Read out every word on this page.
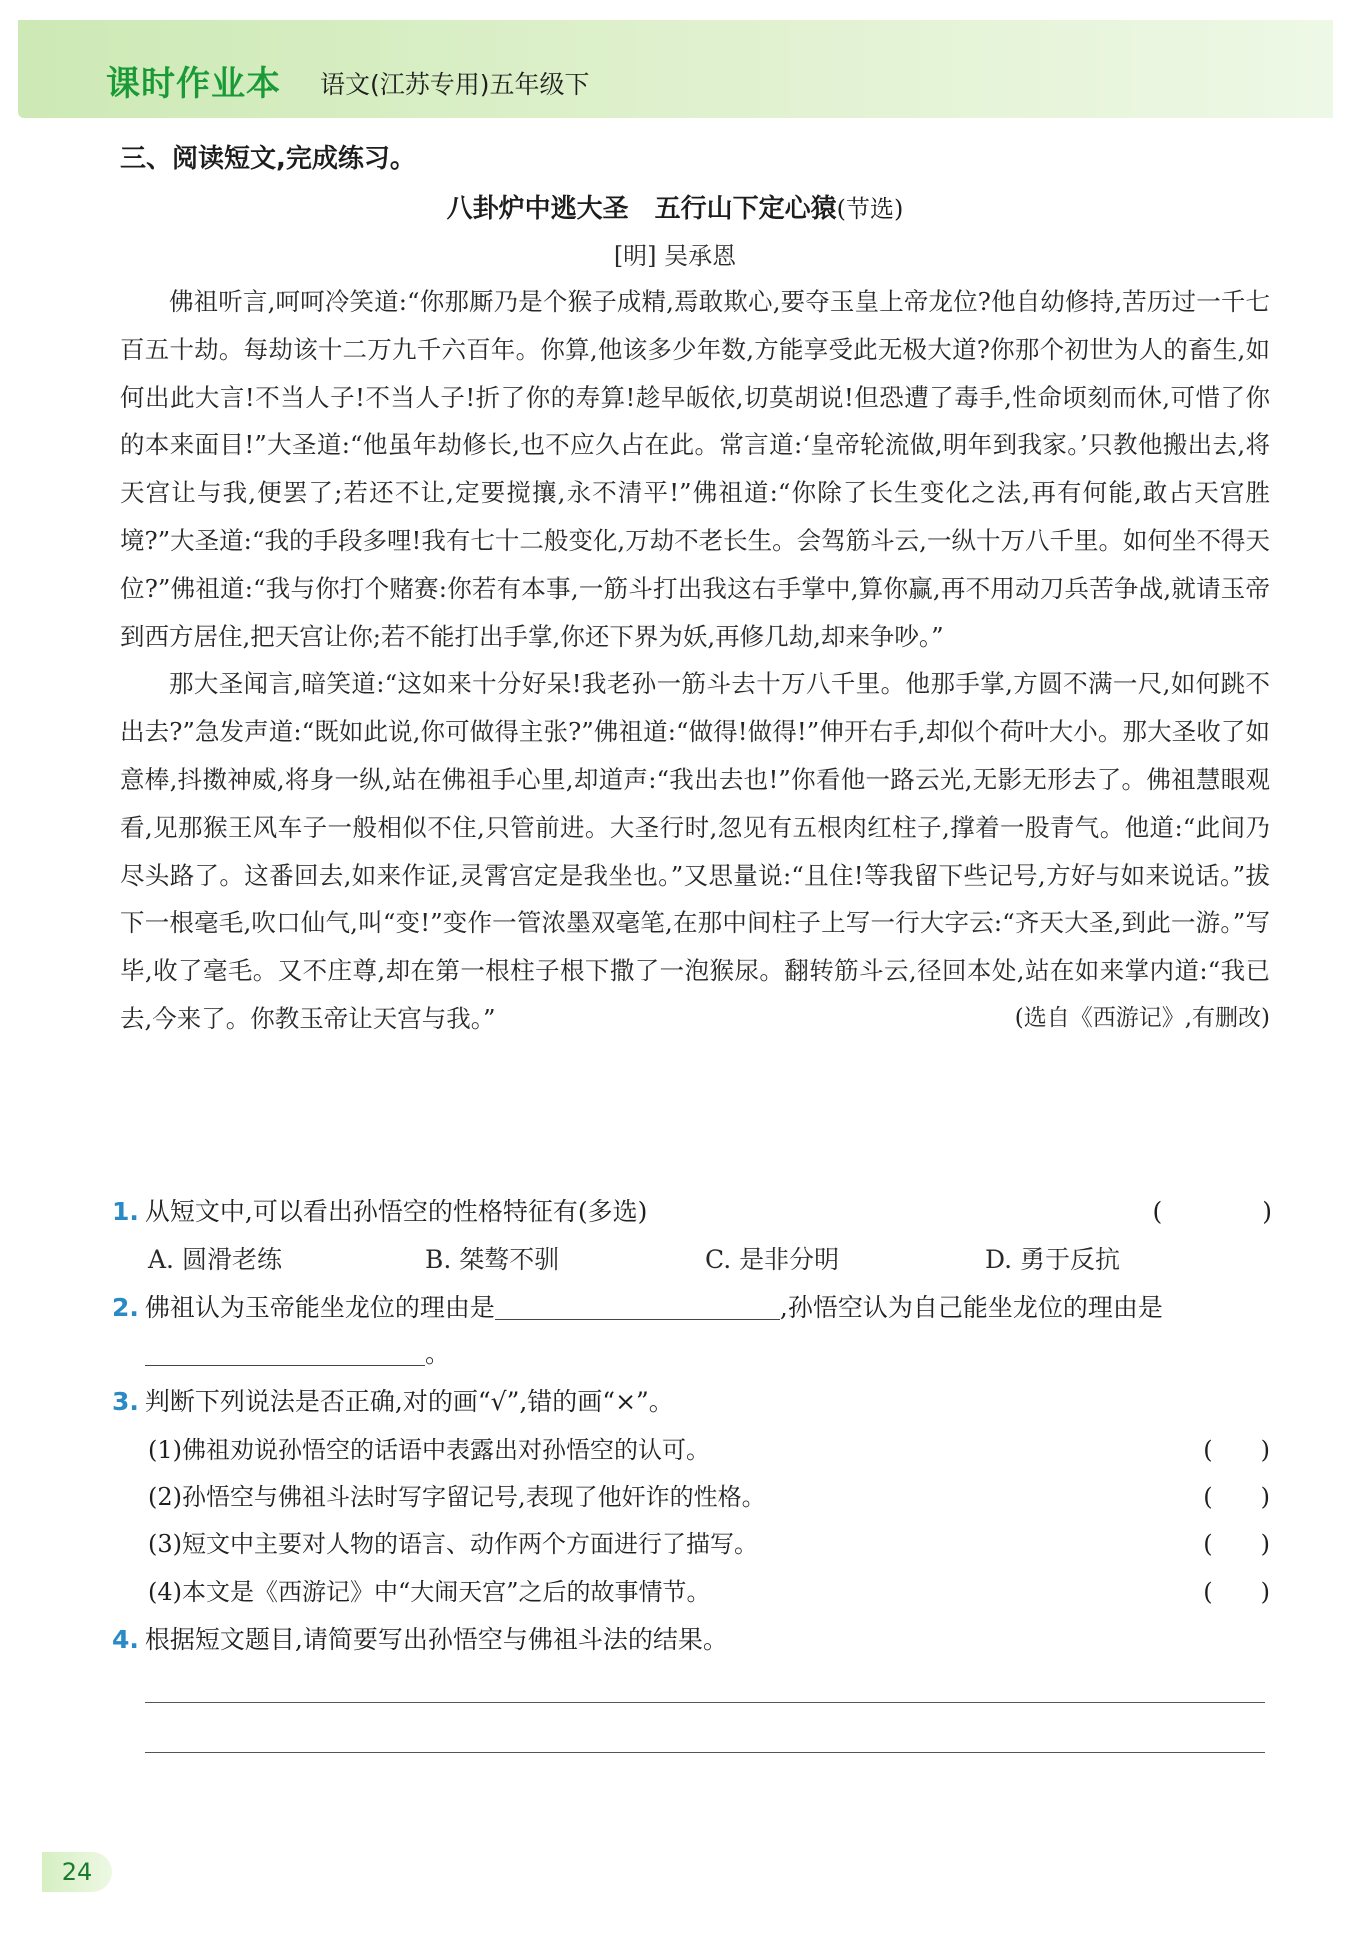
课时作业本 语文(江苏专用)五年级下
三、阅读短文,完成练习。
八卦炉中逃大圣　五行山下定心猿(节选)
[明] 吴承恩

佛祖听言,呵呵冷笑道:“你那厮乃是个猴子成精,焉敢欺心,要夺玉皇上帝龙位?他自幼修持,苦历过一千七百五十劫。每劫该十二万九千六百年。你算,他该多少年数,方能享受此无极大道?你那个初世为人的畜生,如何出此大言!不当人子!不当人子!折了你的寿算!趁早皈依,切莫胡说!但恐遭了毒手,性命顷刻而休,可惜了你的本来面目!”大圣道:“他虽年劫修长,也不应久占在此。常言道:‘皇帝轮流做,明年到我家。’只教他搬出去,将天宫让与我,便罢了;若还不让,定要搅攘,永不清平!”佛祖道:“你除了长生变化之法,再有何能,敢占天宫胜境?”大圣道:“我的手段多哩!我有七十二般变化,万劫不老长生。会驾筋斗云,一纵十万八千里。如何坐不得天位?”佛祖道:“我与你打个赌赛:你若有本事,一筋斗打出我这右手掌中,算你赢,再不用动刀兵苦争战,就请玉帝到西方居住,把天宫让你;若不能打出手掌,你还下界为妖,再修几劫,却来争吵。”

那大圣闻言,暗笑道:“这如来十分好呆!我老孙一筋斗去十万八千里。他那手掌,方圆不满一尺,如何跳不出去?”急发声道:“既如此说,你可做得主张?”佛祖道:“做得!做得!”伸开右手,却似个荷叶大小。那大圣收了如意棒,抖擞神威,将身一纵,站在佛祖手心里,却道声:“我出去也!”你看他一路云光,无影无形去了。佛祖慧眼观看,见那猴王风车子一般相似不住,只管前进。大圣行时,忽见有五根肉红柱子,撑着一股青气。他道:“此间乃尽头路了。这番回去,如来作证,灵霄宫定是我坐也。”又思量说:“且住!等我留下些记号,方好与如来说话。”拔下一根毫毛,吹口仙气,叫“变!”变作一管浓墨双毫笔,在那中间柱子上写一行大字云:“齐天大圣,到此一游。”写毕,收了毫毛。又不庄尊,却在第一根柱子根下撒了一泡猴尿。翻转筋斗云,径回本处,站在如来掌内道:“我已去,今来了。你教玉帝让天宫与我。”	(选自《西游记》,有删改)

1. 从短文中,可以看出孙悟空的性格特征有(多选)	(　　　　)
A. 圆滑老练	B. 桀骜不驯	C. 是非分明	D. 勇于反抗
2. 佛祖认为玉帝能坐龙位的理由是	,孙悟空认为自己能坐龙位的理由是
。
3. 判断下列说法是否正确,对的画“√”,错的画“×”。
(1)佛祖劝说孙悟空的话语中表露出对孙悟空的认可。	(　　)
(2)孙悟空与佛祖斗法时写字留记号,表现了他奸诈的性格。	(　　)
(3)短文中主要对人物的语言、动作两个方面进行了描写。	(　　)
(4)本文是《西游记》中“大闹天宫”之后的故事情节。	(　　)
4. 根据短文题目,请简要写出孙悟空与佛祖斗法的结果。
24
